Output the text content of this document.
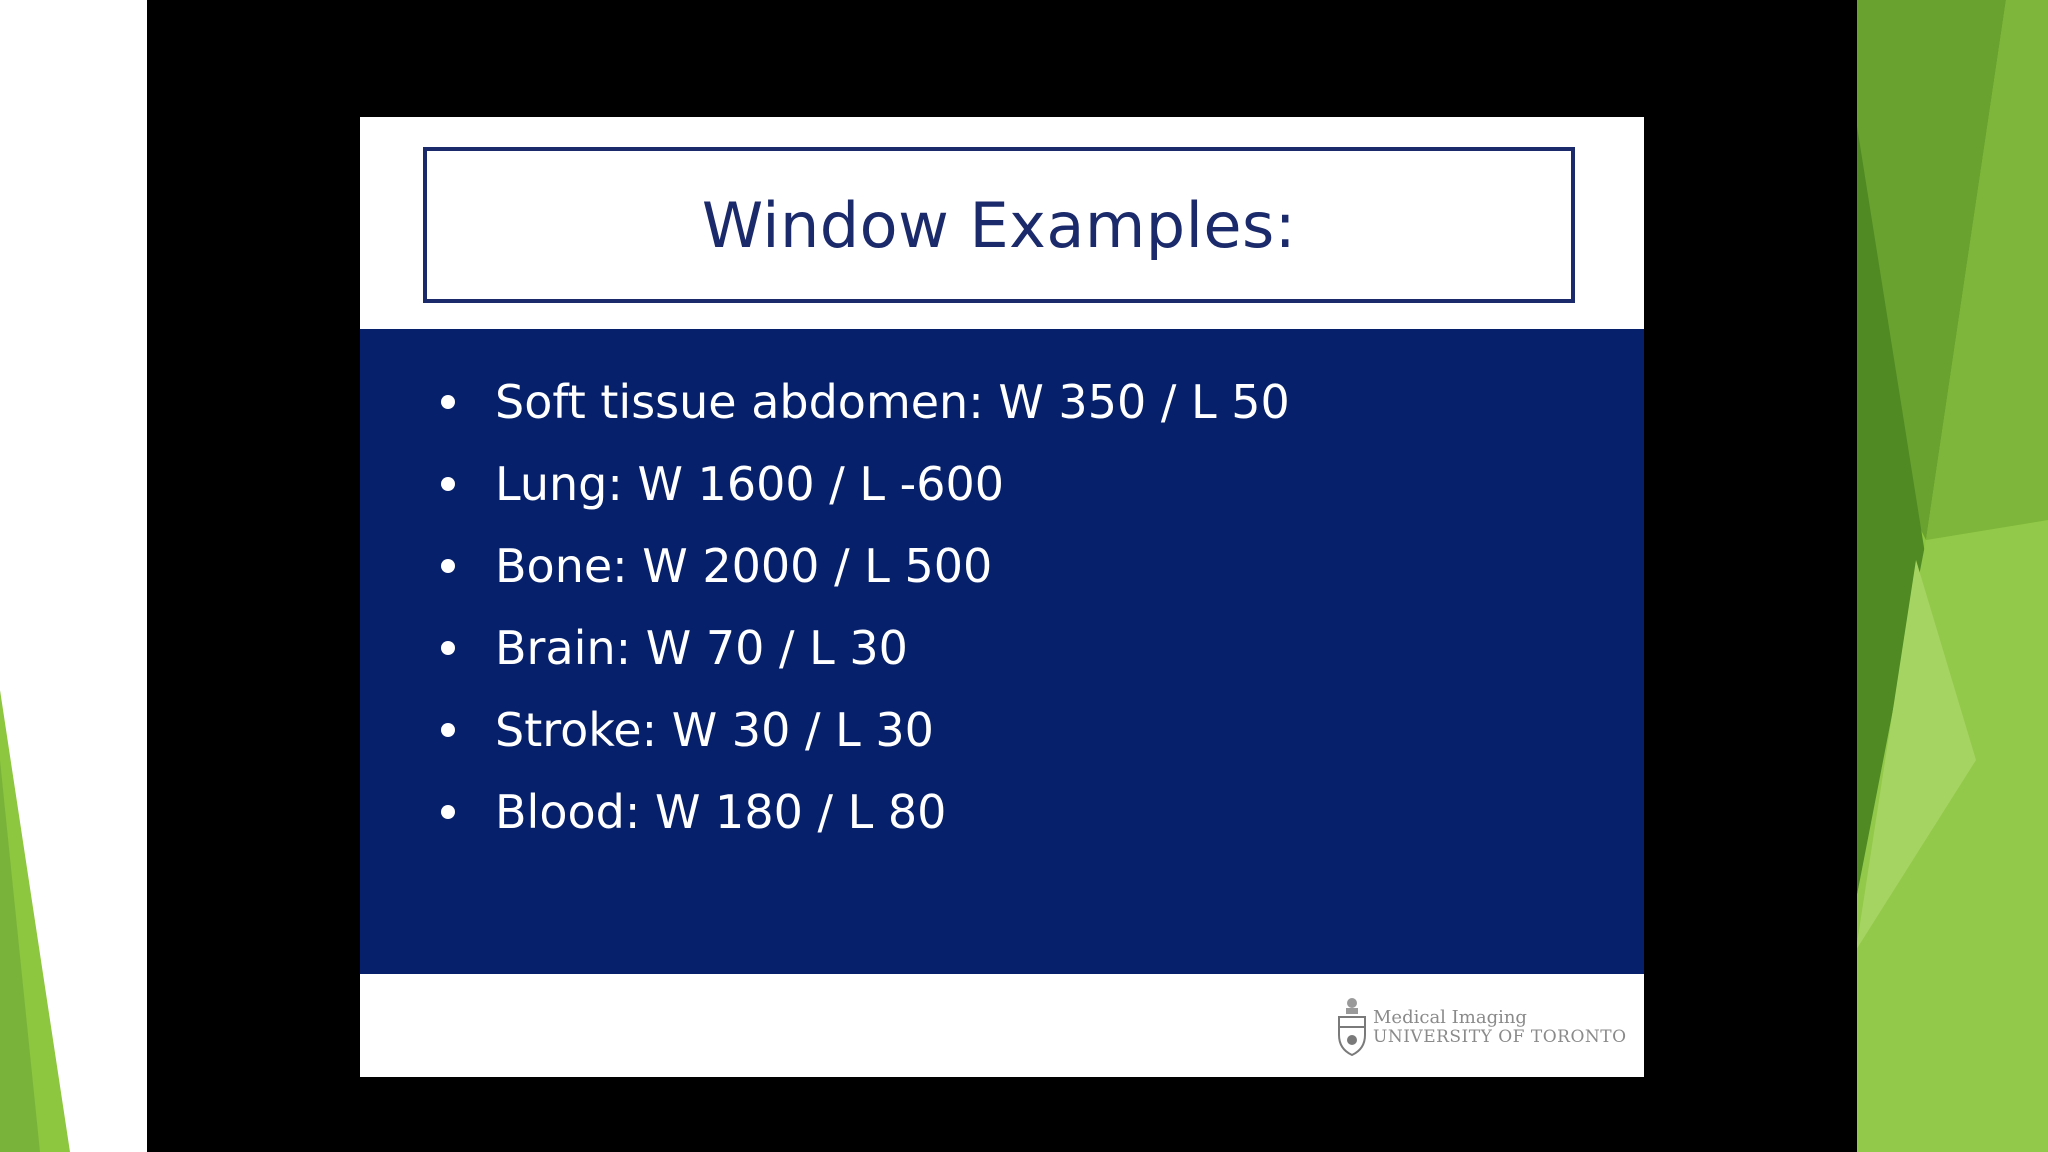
Window Examples:
Soft tissue abdomen: W 350 / L 50
Lung: W 1600 / L -600
Bone: W 2000 / L 500
Brain: W 70 / L 30
Stroke: W 30 / L 30
Blood: W 180 / L 80
Medical Imaging
UNIVERSITY OF TORONTO
